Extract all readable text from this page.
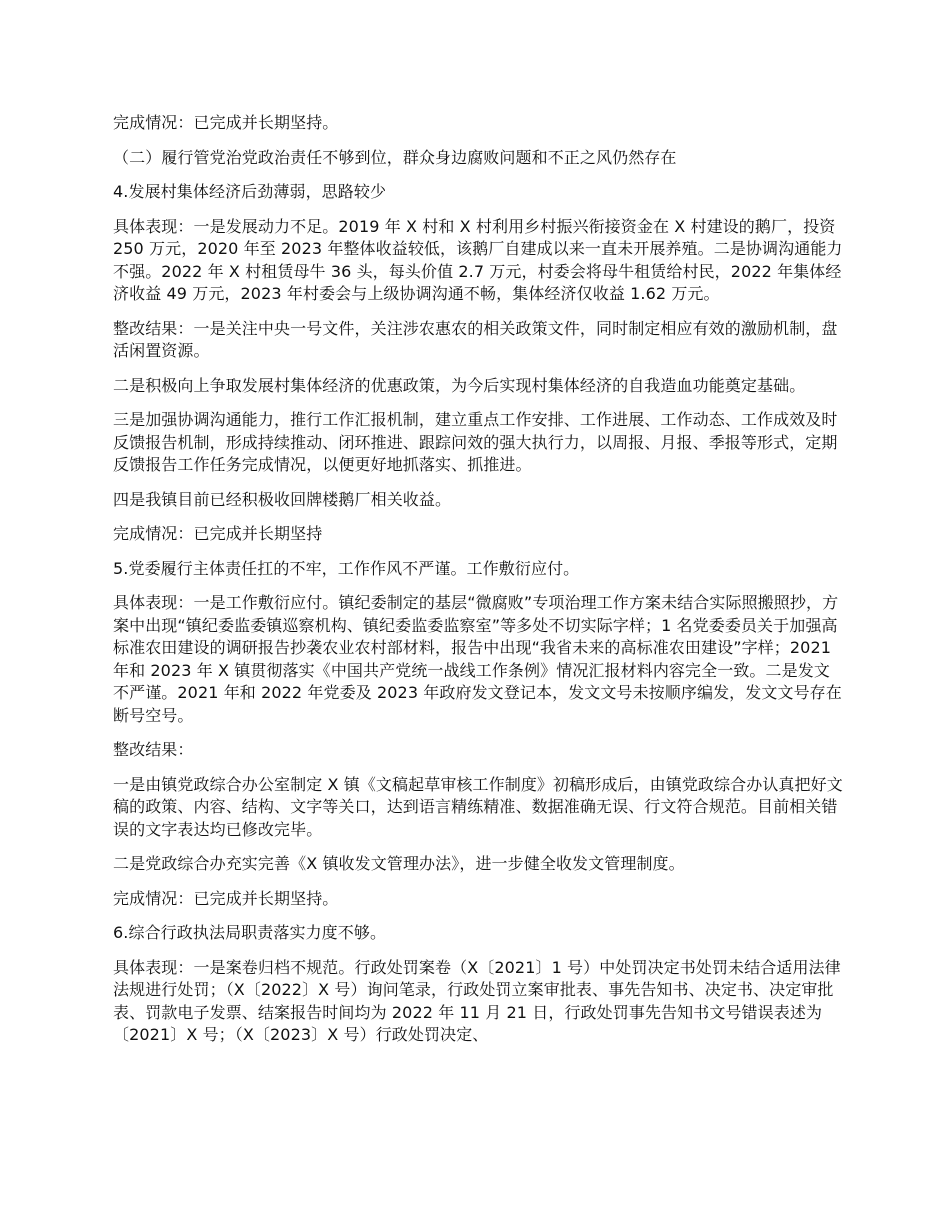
完成情况：已完成并长期坚持。

（二）履行管党治党政治责任不够到位，群众身边腐败问题和不正之风仍然存在

4.发展村集体经济后劲薄弱，思路较少

具体表现：一是发展动力不足。2019 年 X 村和 X 村利用乡村振兴衔接资金在 X 村建设的鹅厂，投资 250 万元，2020 年至 2023 年整体收益较低，该鹅厂自建成以来一直未开展养殖。二是协调沟通能力不强。2022 年 X 村租赁母牛 36 头，每头价值 2.7 万元，村委会将母牛租赁给村民，2022 年集体经济收益 49 万元，2023 年村委会与上级协调沟通不畅，集体经济仅收益 1.62 万元。

整改结果：一是关注中央一号文件，关注涉农惠农的相关政策文件，同时制定相应有效的激励机制，盘活闲置资源。

二是积极向上争取发展村集体经济的优惠政策，为今后实现村集体经济的自我造血功能奠定基础。

三是加强协调沟通能力，推行工作汇报机制，建立重点工作安排、工作进展、工作动态、工作成效及时反馈报告机制，形成持续推动、闭环推进、跟踪问效的强大执行力，以周报、月报、季报等形式，定期反馈报告工作任务完成情况，以便更好地抓落实、抓推进。

四是我镇目前已经积极收回牌楼鹅厂相关收益。

完成情况：已完成并长期坚持

5.党委履行主体责任扛的不牢，工作作风不严谨。工作敷衍应付。

具体表现：一是工作敷衍应付。镇纪委制定的基层“微腐败”专项治理工作方案未结合实际照搬照抄，方案中出现“镇纪委监委镇巡察机构、镇纪委监委监察室”等多处不切实际字样；1 名党委委员关于加强高标准农田建设的调研报告抄袭农业农村部材料，报告中出现“我省未来的高标准农田建设”字样；2021 年和 2023 年 X 镇贯彻落实《中国共产党统一战线工作条例》情况汇报材料内容完全一致。二是发文不严谨。2021 年和 2022 年党委及 2023 年政府发文登记本，发文文号未按顺序编发，发文文号存在断号空号。

整改结果：

一是由镇党政综合办公室制定 X 镇《文稿起草审核工作制度》初稿形成后，由镇党政综合办认真把好文稿的政策、内容、结构、文字等关口，达到语言精练精准、数据准确无误、行文符合规范。目前相关错误的文字表达均已修改完毕。

二是党政综合办充实完善《X 镇收发文管理办法》，进一步健全收发文管理制度。

完成情况：已完成并长期坚持。

6.综合行政执法局职责落实力度不够。

具体表现：一是案卷归档不规范。行政处罚案卷（X〔2021〕1 号）中处罚决定书处罚未结合适用法律法规进行处罚；（X〔2022〕X 号）询问笔录，行政处罚立案审批表、事先告知书、决定书、决定审批表、罚款电子发票、结案报告时间均为 2022 年 11 月 21 日，行政处罚事先告知书文号错误表述为〔2021〕X 号；（X〔2023〕X 号）行政处罚决定、
